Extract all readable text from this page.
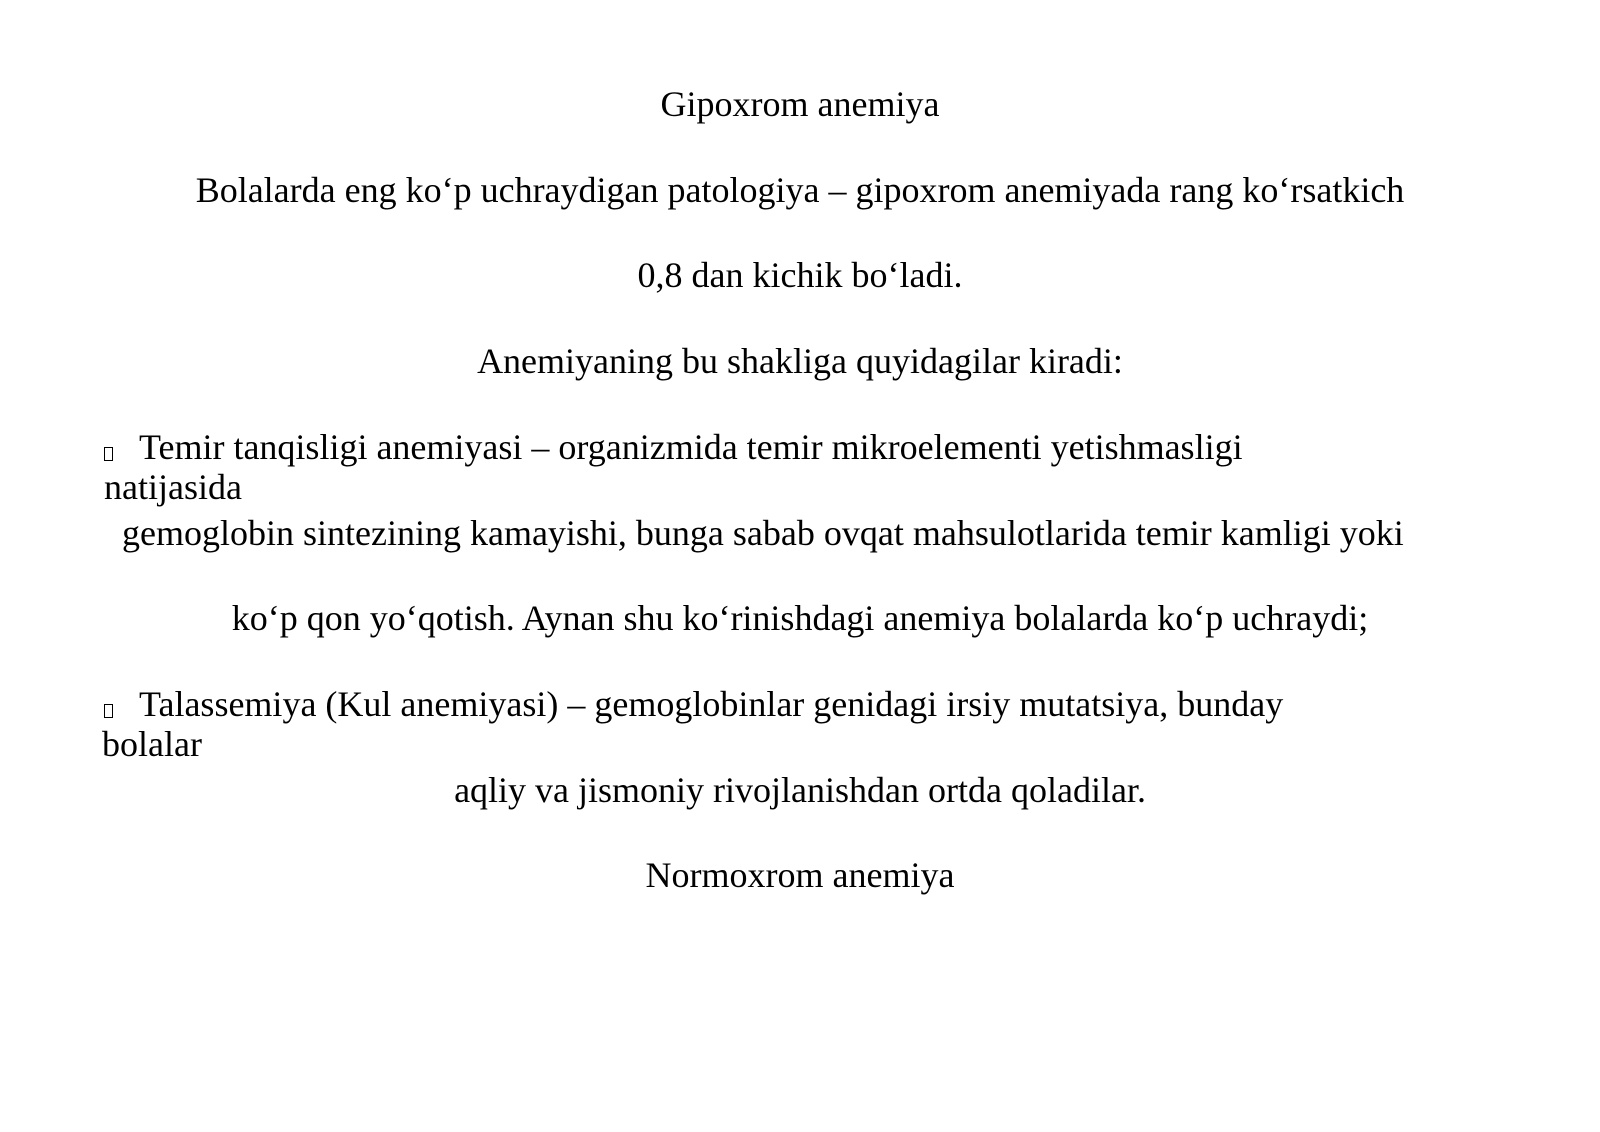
Gipoxrom anemiya
Bolalarda eng ko‘p uchraydigan patologiya – gipoxrom anemiyada rang ko‘rsatkich
0,8 dan kichik bo‘ladi.
Anemiyaning bu shakliga quyidagilar kiradi:
Temir tanqisligi anemiyasi – organizmida temir mikroelementi yetishmasligi
natijasida
gemoglobin sintezining kamayishi, bunga sabab ovqat mahsulotlarida temir kamligi yoki
ko‘p qon yo‘qotish. Aynan shu ko‘rinishdagi anemiya bolalarda ko‘p uchraydi;
Talassemiya (Kul anemiyasi) – gemoglobinlar genidagi irsiy mutatsiya, bunday
bolalar
aqliy va jismoniy rivojlanishdan ortda qoladilar.
Normoxrom anemiya
